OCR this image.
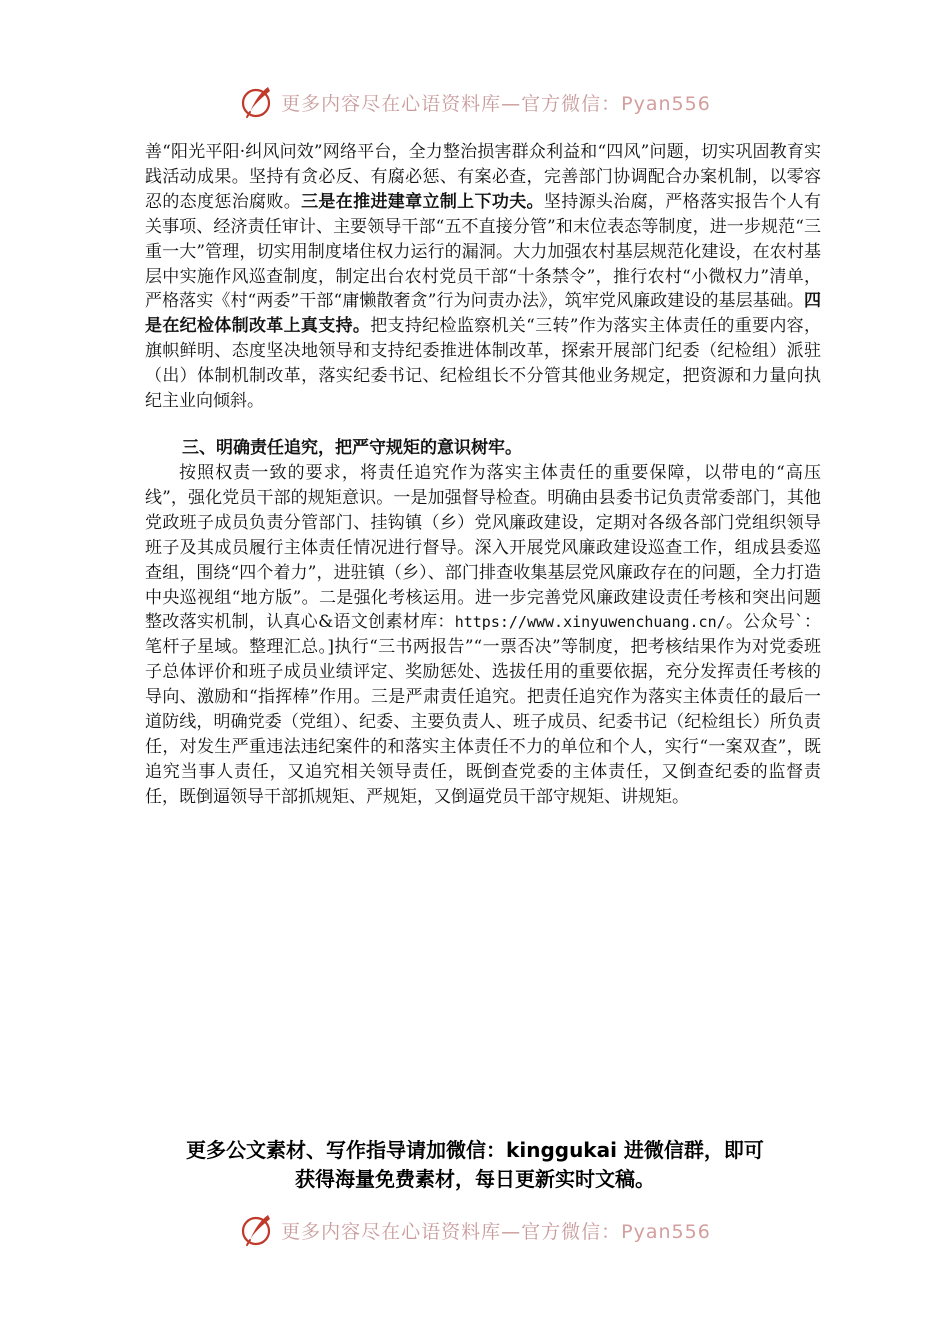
更多内容尽在心语资料库—官方微信：Pyan556

善“阳光平阳·纠风问效”网络平台，全力整治损害群众利益和“四风”问题，切实巩固教育实践活动成果。坚持有贪必反、有腐必惩、有案必查，完善部门协调配合办案机制，以零容忍的态度惩治腐败。三是在推进建章立制上下功夫。坚持源头治腐，严格落实报告个人有关事项、经济责任审计、主要领导干部“五不直接分管”和末位表态等制度，进一步规范“三重一大”管理，切实用制度堵住权力运行的漏洞。大力加强农村基层规范化建设，在农村基层中实施作风巡查制度，制定出台农村党员干部“十条禁令”，推行农村“小微权力”清单，严格落实《村“两委”干部“庸懒散奢贪”行为问责办法》，筑牢党风廉政建设的基层基础。四是在纪检体制改革上真支持。把支持纪检监察机关“三转”作为落实主体责任的重要内容，旗帜鲜明、态度坚决地领导和支持纪委推进体制改革，探索开展部门纪委（纪检组）派驻（出）体制机制改革，落实纪委书记、纪检组长不分管其他业务规定，把资源和力量向执纪主业向倾斜。

三、明确责任追究，把严守规矩的意识树牢。

按照权责一致的要求，将责任追究作为落实主体责任的重要保障，以带电的“高压线”，强化党员干部的规矩意识。一是加强督导检查。明确由县委书记负责常委部门，其他党政班子成员负责分管部门、挂钩镇（乡）党风廉政建设，定期对各级各部门党组织领导班子及其成员履行主体责任情况进行督导。深入开展党风廉政建设巡查工作，组成县委巡查组，围绕“四个着力”，进驻镇（乡）、部门排查收集基层党风廉政存在的问题，全力打造中央巡视组“地方版”。二是强化考核运用。进一步完善党风廉政建设责任考核和突出问题整改落实机制，认真心&语文创素材库：https://www.xinyuwenchuang.cn/。公众号`：笔杆子星域。整理汇总。]执行“三书两报告”“一票否决”等制度，把考核结果作为对党委班子总体评价和班子成员业绩评定、奖励惩处、选拔任用的重要依据，充分发挥责任考核的导向、激励和“指挥棒”作用。三是严肃责任追究。把责任追究作为落实主体责任的最后一道防线，明确党委（党组）、纪委、主要负责人、班子成员、纪委书记（纪检组长）所负责任，对发生严重违法违纪案件的和落实主体责任不力的单位和个人，实行“一案双查”，既追究当事人责任，又追究相关领导责任，既倒查党委的主体责任，又倒查纪委的监督责任，既倒逼领导干部抓规矩、严规矩，又倒逼党员干部守规矩、讲规矩。

更多公文素材、写作指导请加微信：kinggukai 进微信群，即可
获得海量免费素材，每日更新实时文稿。
更多内容尽在心语资料库—官方微信：Pyan556
